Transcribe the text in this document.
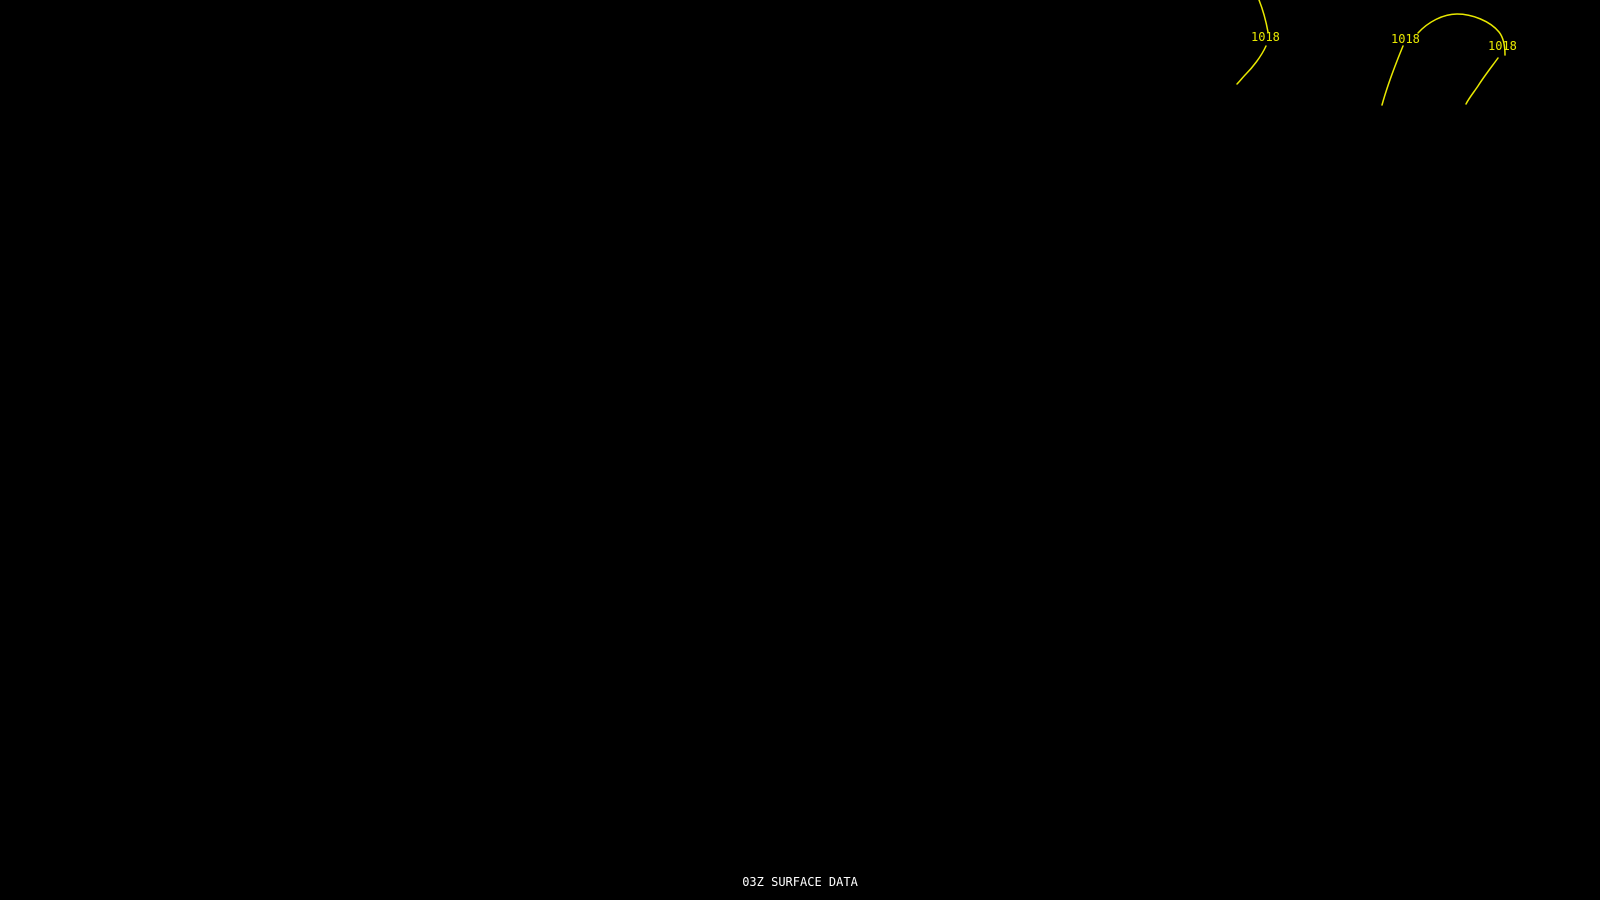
1018	1018	1018
03Z SURFACE DATA
